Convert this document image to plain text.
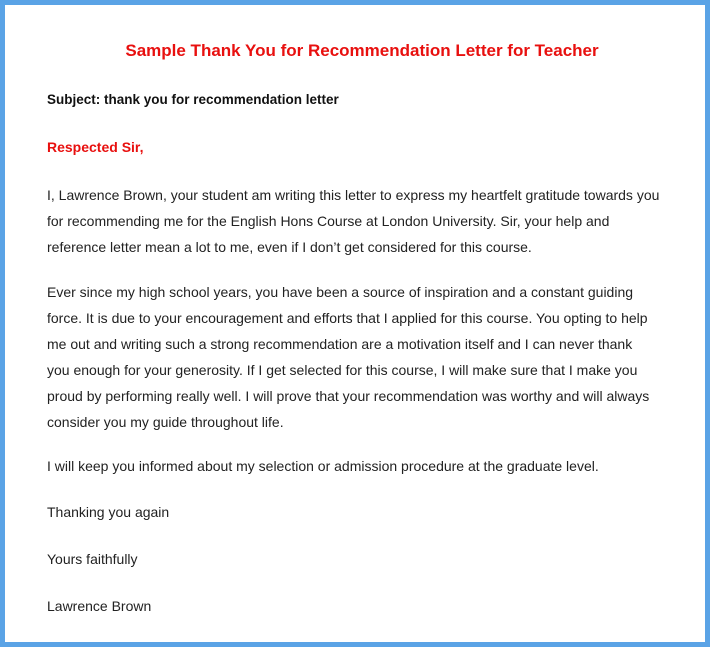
Sample Thank You for Recommendation Letter for Teacher

Subject: thank you for recommendation letter

Respected Sir,

I, Lawrence Brown, your student am writing this letter to express my heartfelt gratitude towards you
for recommending me for the English Hons Course at London University. Sir, your help and
reference letter mean a lot to me, even if I don’t get considered for this course.

Ever since my high school years, you have been a source of inspiration and a constant guiding
force. It is due to your encouragement and efforts that I applied for this course. You opting to help
me out and writing such a strong recommendation are a motivation itself and I can never thank
you enough for your generosity. If I get selected for this course, I will make sure that I make you
proud by performing really well. I will prove that your recommendation was worthy and will always
consider you my guide throughout life.

I will keep you informed about my selection or admission procedure at the graduate level.

Thanking you again

Yours faithfully

Lawrence Brown
